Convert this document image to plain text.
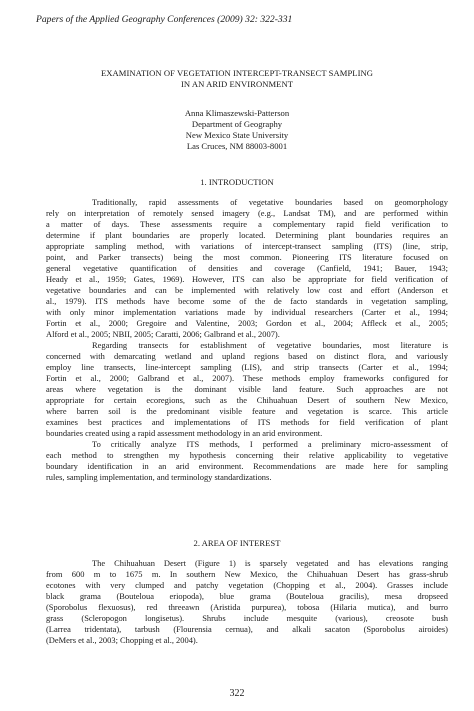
Papers of the Applied Geography Conferences (2009) 32: 322-331
EXAMINATION OF VEGETATION INTERCEPT-TRANSECT SAMPLING
IN AN ARID ENVIRONMENT
Anna Klimaszewski-Patterson
Department of Geography
New Mexico State University
Las Cruces, NM 88003-8001
1. INTRODUCTION
Traditionally, rapid assessments of vegetative boundaries based on geomorphology
rely on interpretation of remotely sensed imagery (e.g., Landsat TM), and are performed within
a matter of days. These assessments require a complementary rapid field verification to
determine if plant boundaries are properly located. Determining plant boundaries requires an
appropriate sampling method, with variations of intercept-transect sampling (ITS) (line, strip,
point, and Parker transects) being the most common. Pioneering ITS literature focused on
general vegetative quantification of densities and coverage (Canfield, 1941; Bauer, 1943;
Heady et al., 1959; Gates, 1969). However, ITS can also be appropriate for field verification of
vegetative boundaries and can be implemented with relatively low cost and effort (Anderson et
al., 1979). ITS methods have become some of the de facto standards in vegetation sampling,
with only minor implementation variations made by individual researchers (Carter et al., 1994;
Fortin et al., 2000; Gregoire and Valentine, 2003; Gordon et al., 2004; Affleck et al., 2005;
Alford et al., 2005; NBII, 2005; Caratti, 2006; Galbrand et al., 2007).
Regarding transects for establishment of vegetative boundaries, most literature is
concerned with demarcating wetland and upland regions based on distinct flora, and variously
employ line transects, line-intercept sampling (LIS), and strip transects (Carter et al., 1994;
Fortin et al., 2000; Galbrand et al., 2007). These methods employ frameworks configured for
areas where vegetation is the dominant visible land feature. Such approaches are not
appropriate for certain ecoregions, such as the Chihuahuan Desert of southern New Mexico,
where barren soil is the predominant visible feature and vegetation is scarce. This article
examines best practices and implementations of ITS methods for field verification of plant
boundaries created using a rapid assessment methodology in an arid environment.
To critically analyze ITS methods, I performed a preliminary micro-assessment of
each method to strengthen my hypothesis concerning their relative applicability to vegetative
boundary identification in an arid environment. Recommendations are made here for sampling
rules, sampling implementation, and terminology standardizations.
2. AREA OF INTEREST
The Chihuahuan Desert (Figure 1) is sparsely vegetated and has elevations ranging
from 600 m to 1675 m. In southern New Mexico, the Chihuahuan Desert has grass-shrub
ecotones with very clumped and patchy vegetation (Chopping et al., 2004). Grasses include
black grama (Bouteloua eriopoda), blue grama (Bouteloua gracilis), mesa dropseed
(Sporobolus flexuosus), red threeawn (Aristida purpurea), tobosa (Hilaria mutica), and burro
grass (Scleropogon longisetus). Shrubs include mesquite (various), creosote bush
(Larrea tridentata), tarbush (Flourensia cernua), and alkali sacaton (Sporobolus airoides)
(DeMers et al., 2003; Chopping et al., 2004).
322
